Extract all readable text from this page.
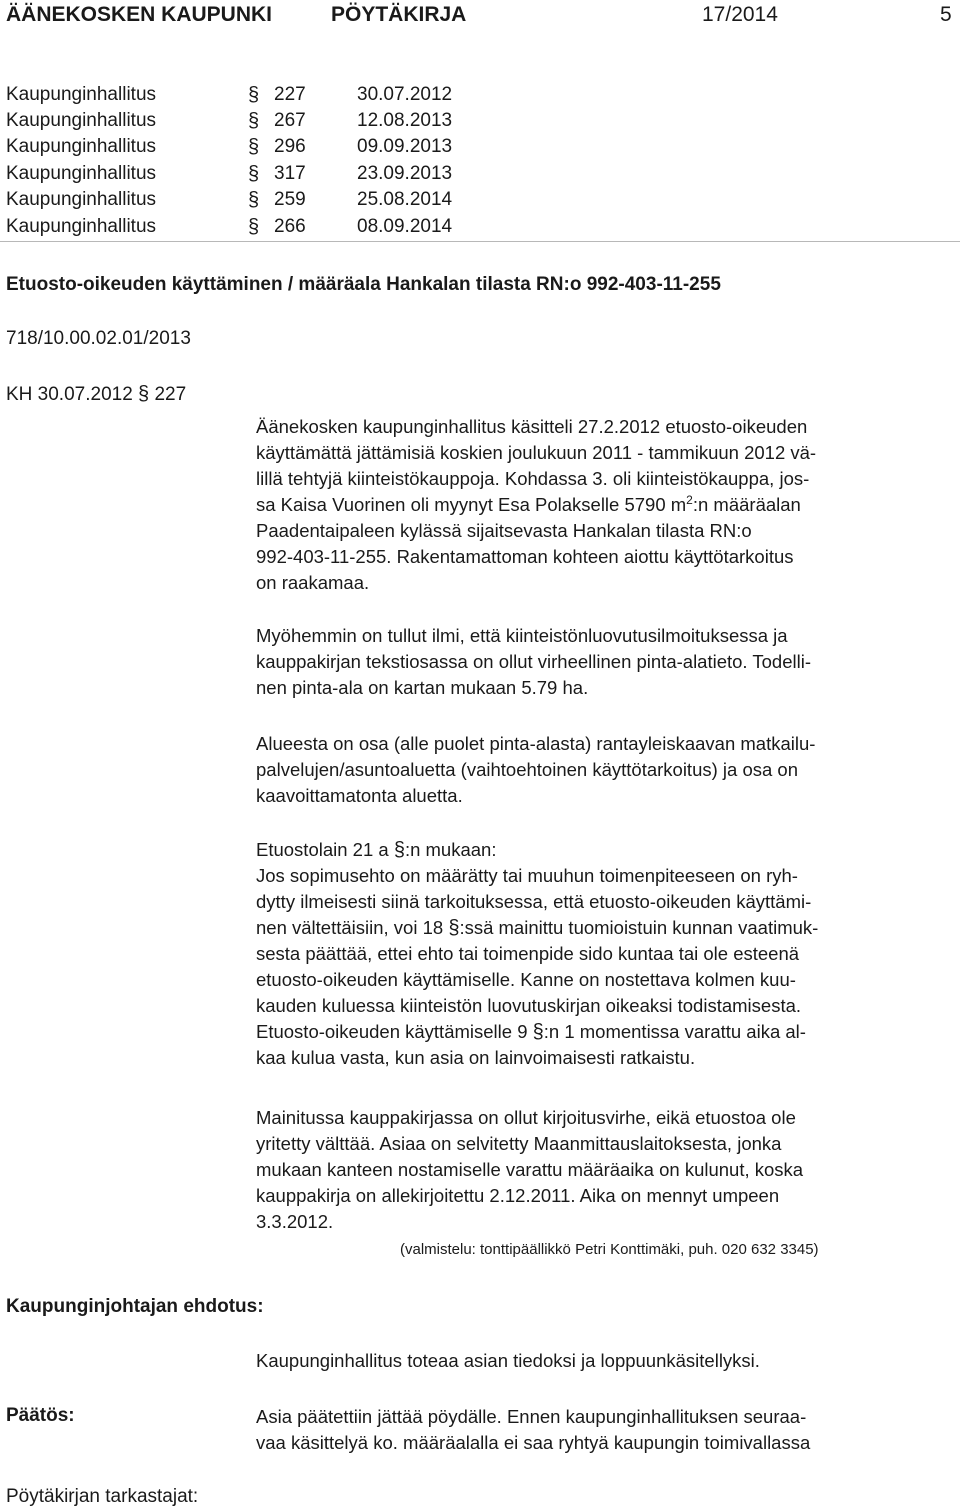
ÄÄNEKOSKEN KAUPUNKI	PÖYTÄKIRJA	17/2014	5
Kaupunginhallitus	§ 227	30.07.2012
Kaupunginhallitus	§ 267	12.08.2013
Kaupunginhallitus	§ 296	09.09.2013
Kaupunginhallitus	§ 317	23.09.2013
Kaupunginhallitus	§ 259	25.08.2014
Kaupunginhallitus	§ 266	08.09.2014
Etuosto-oikeuden käyttäminen / määräala Hankalan tilasta RN:o 992-403-11-255
718/10.00.02.01/2013
KH 30.07.2012 § 227
Äänekosken kaupunginhallitus käsitteli 27.2.2012 etuosto-oikeuden
käyttämättä jättämisiä koskien joulukuun 2011 - tammikuun 2012 vä-
lillä tehtyjä kiinteistökauppoja. Kohdassa 3. oli kiinteistökauppa, jos-
sa Kaisa Vuorinen oli myynyt Esa Polakselle 5790 $m^2:n$ määräalan
Paadentaipaleen kylässä sijaitsevasta Hankalan tilasta RN:o
992-403-11-255. Rakentamattoman kohteen aiottu käyttötarkoitus
on raakamaa.
Myöhemmin on tullut ilmi, että kiinteistönluovutusilmoituksessa ja
kauppakirjan tekstiosassa on ollut virheellinen pinta-alatieto. Todelli-
nen pinta-ala on kartan mukaan 5.79 ha.
Alueesta on osa (alle puolet pinta-alasta) rantayleiskaavan matkailu-
palvelujen/asuntoaluetta (vaihtoehtoinen käyttötarkoitus) ja osa on
kaavoittamatonta aluetta.
Etuostolain 21 a §:n mukaan:
Jos sopimusehto on määrätty tai muuhun toimenpiteeseen on ryh-
dytty ilmeisesti siinä tarkoituksessa, että etuosto-oikeuden käyttämi-
nen vältettäisiin, voi 18 §:ssä mainittu tuomioistuin kunnan vaatimuk-
sesta päättää, ettei ehto tai toimenpide sido kuntaa tai ole esteenä
etuosto-oikeuden käyttämiselle. Kanne on nostettava kolmen kuu-
kauden kuluessa kiinteistön luovutuskirjan oikeaksi todistamisesta.
Etuosto-oikeuden käyttämiselle 9 §:n 1 momentissa varattu aika al-
kaa kulua vasta, kun asia on lainvoimaisesti ratkaistu.
Mainitussa kauppakirjassa on ollut kirjoitusvirhe, eikä etuostoa ole
yritetty välttää. Asiaa on selvitetty Maanmittauslaitoksesta, jonka
mukaan kanteen nostamiselle varattu määräaika on kulunut, koska
kauppakirja on allekirjoitettu 2.12.2011. Aika on mennyt umpeen
3.3.2012.
(valmistelu: tonttipäällikkö Petri Konttimäki, puh. 020 632 3345)
Kaupunginjohtajan ehdotus:
Kaupunginhallitus toteaa asian tiedoksi ja loppuunkäsitellyksi.
Päätös:	Asia päätettiin jättää pöydälle. Ennen kaupunginhallituksen seuraa-
vaa käsittelyä ko. määräalalla ei saa ryhtyä kaupungin toimivallassa
Pöytäkirjan tarkastajat:
